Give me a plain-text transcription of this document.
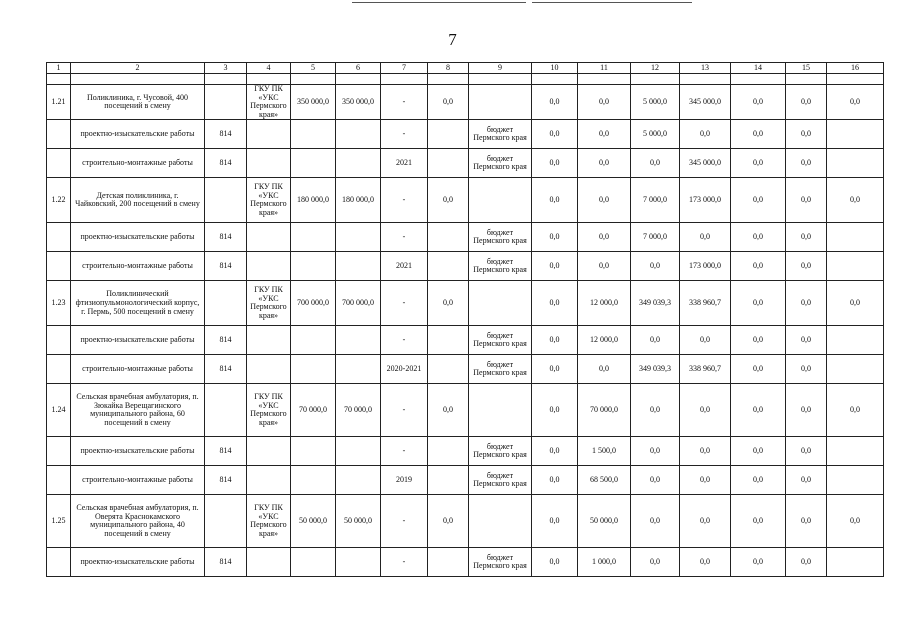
7
1	2	3	4	5	6	7	8	9	10	11	12	13	14	15	16

1.21	Поликлиника, г. Чусовой, 400 посещений в смену		ГКУ ПК «УКС Пермского края»	350 000,0	350 000,0	-	0,0		0,0	0,0	5 000,0	345 000,0	0,0	0,0	0,0
	проектно-изыскательские работы	814				-		бюджет Пермского края	0,0	0,0	5 000,0	0,0	0,0	0,0	
	строительно-монтажные работы	814				2021		бюджет Пермского края	0,0	0,0	0,0	345 000,0	0,0	0,0	
1.22	Детская поликлиника, г. Чайковский, 200 посещений в смену		ГКУ ПК «УКС Пермского края»	180 000,0	180 000,0	-	0,0		0,0	0,0	7 000,0	173 000,0	0,0	0,0	0,0
	проектно-изыскательские работы	814				-		бюджет Пермского края	0,0	0,0	7 000,0	0,0	0,0	0,0	
	строительно-монтажные работы	814				2021		бюджет Пермского края	0,0	0,0	0,0	173 000,0	0,0	0,0	
1.23	Поликлинический фтизиопульмонологический корпус, г. Пермь, 500 посещений в смену		ГКУ ПК «УКС Пермского края»	700 000,0	700 000,0	-	0,0		0,0	12 000,0	349 039,3	338 960,7	0,0	0,0	0,0
	проектно-изыскательские работы	814				-		бюджет Пермского края	0,0	12 000,0	0,0	0,0	0,0	0,0	
	строительно-монтажные работы	814				2020-2021		бюджет Пермского края	0,0	0,0	349 039,3	338 960,7	0,0	0,0	
1.24	Сельская врачебная амбулатория, п. Зюкайка Верещагинского муниципального района, 60 посещений в смену		ГКУ ПК «УКС Пермского края»	70 000,0	70 000,0	-	0,0		0,0	70 000,0	0,0	0,0	0,0	0,0	0,0
	проектно-изыскательские работы	814				-		бюджет Пермского края	0,0	1 500,0	0,0	0,0	0,0	0,0	
	строительно-монтажные работы	814				2019		бюджет Пермского края	0,0	68 500,0	0,0	0,0	0,0	0,0	
1.25	Сельская врачебная амбулатория, п. Оверята Краснокамского муниципального района, 40 посещений в смену		ГКУ ПК «УКС Пермского края»	50 000,0	50 000,0	-	0,0		0,0	50 000,0	0,0	0,0	0,0	0,0	0,0
	проектно-изыскательские работы	814				-		бюджет Пермского края	0,0	1 000,0	0,0	0,0	0,0	0,0	
